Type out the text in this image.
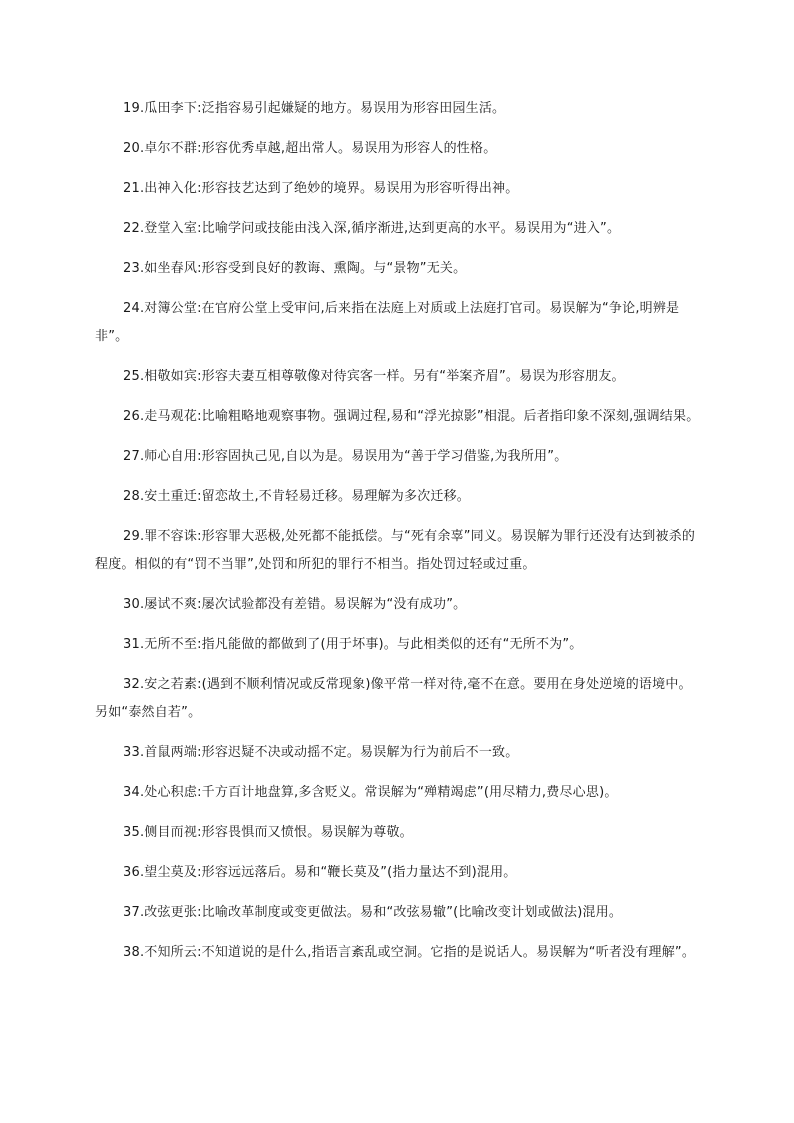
19.瓜田李下:泛指容易引起嫌疑的地方。易误用为形容田园生活。

20.卓尔不群:形容优秀卓越,超出常人。易误用为形容人的性格。

21.出神入化:形容技艺达到了绝妙的境界。易误用为形容听得出神。

22.登堂入室:比喻学问或技能由浅入深,循序渐进,达到更高的水平。易误用为“进入”。

23.如坐春风:形容受到良好的教诲、熏陶。与“景物”无关。

24.对簿公堂:在官府公堂上受审问,后来指在法庭上对质或上法庭打官司。易误解为“争论,明辨是非”。

25.相敬如宾:形容夫妻互相尊敬像对待宾客一样。另有“举案齐眉”。易误为形容朋友。

26.走马观花:比喻粗略地观察事物。强调过程,易和“浮光掠影”相混。后者指印象不深刻,强调结果。

27.师心自用:形容固执己见,自以为是。易误用为“善于学习借鉴,为我所用”。

28.安土重迁:留恋故土,不肯轻易迁移。易理解为多次迁移。

29.罪不容诛:形容罪大恶极,处死都不能抵偿。与“死有余辜”同义。易误解为罪行还没有达到被杀的程度。相似的有“罚不当罪”,处罚和所犯的罪行不相当。指处罚过轻或过重。

30.屡试不爽:屡次试验都没有差错。易误解为“没有成功”。

31.无所不至:指凡能做的都做到了(用于坏事)。与此相类似的还有“无所不为”。

32.安之若素:(遇到不顺利情况或反常现象)像平常一样对待,毫不在意。要用在身处逆境的语境中。另如“泰然自若”。

33.首鼠两端:形容迟疑不决或动摇不定。易误解为行为前后不一致。

34.处心积虑:千方百计地盘算,多含贬义。常误解为“殚精竭虑”(用尽精力,费尽心思)。

35.侧目而视:形容畏惧而又愤恨。易误解为尊敬。

36.望尘莫及:形容远远落后。易和“鞭长莫及”(指力量达不到)混用。

37.改弦更张:比喻改革制度或变更做法。易和“改弦易辙”(比喻改变计划或做法)混用。

38.不知所云:不知道说的是什么,指语言紊乱或空洞。它指的是说话人。易误解为“听者没有理解”。
